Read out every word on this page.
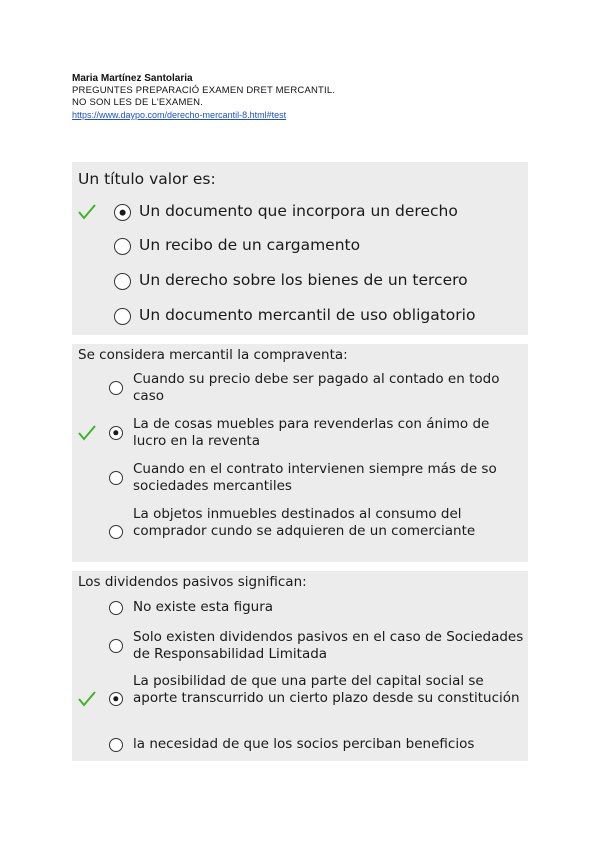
Maria Martínez Santolaria
PREGUNTES PREPARACIÓ EXAMEN DRET MERCANTIL.
NO SON LES DE L'EXAMEN.
https://www.daypo.com/derecho-mercantil-8.html#test
Un título valor es:
Un documento que incorpora un derecho
Un recibo de un cargamento
Un derecho sobre los bienes de un tercero
Un documento mercantil de uso obligatorio
Se considera mercantil la compraventa:
Cuando su precio debe ser pagado al contado en todo caso
La de cosas muebles para revenderlas con ánimo de lucro en la reventa
Cuando en el contrato intervienen siempre más de so sociedades mercantiles
La objetos inmuebles destinados al consumo del comprador cundo se adquieren de un comerciante
Los dividendos pasivos significan:
No existe esta figura
Solo existen dividendos pasivos en el caso de Sociedades de Responsabilidad Limitada
La posibilidad de que una parte del capital social se aporte transcurrido un cierto plazo desde su constitución
la necesidad de que los socios perciban beneficios
